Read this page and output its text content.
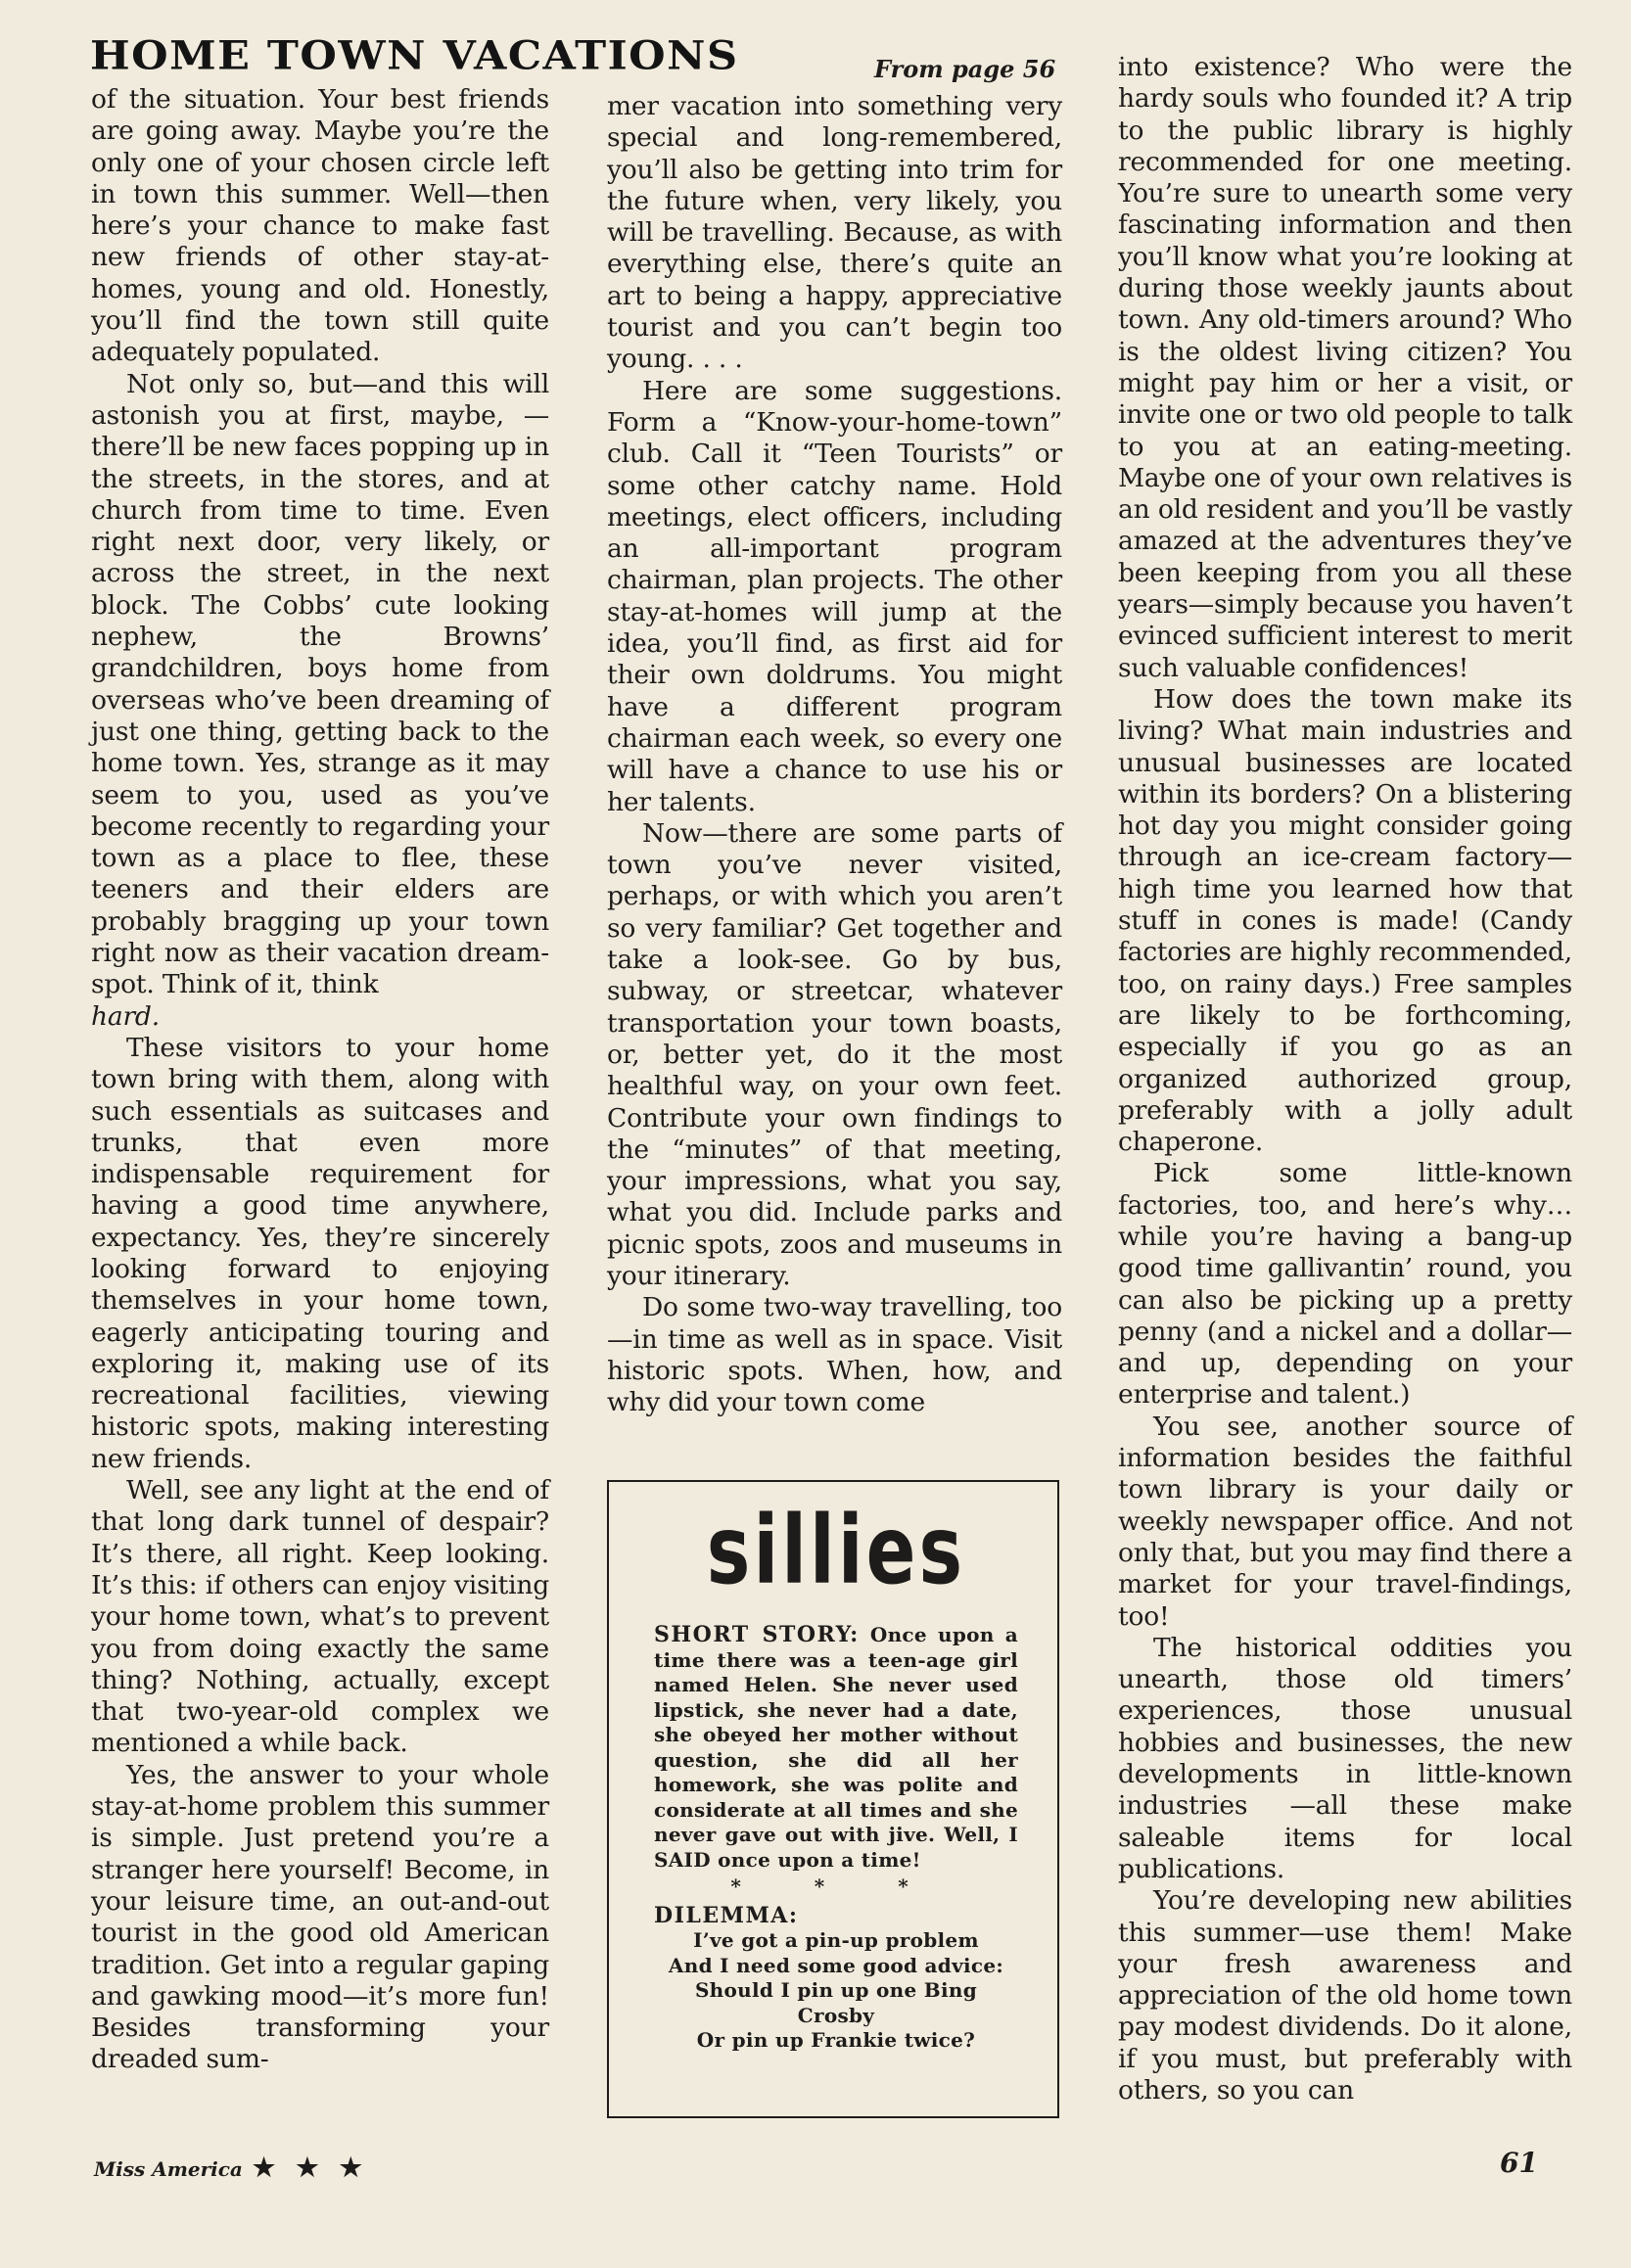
HOME TOWN VACATIONS	From page 56

of the situation. Your best friends are going away. Maybe you’re the only one of your chosen circle left in town this summer. Well—then here’s your chance to make fast new friends of other stay-at-homes, young and old. Honestly, you’ll find the town still quite adequately populated.

Not only so, but—and this will astonish you at first, maybe, —there’ll be new faces popping up in the streets, in the stores, and at church from time to time. Even right next door, very likely, or across the street, in the next block. The Cobbs’ cute looking nephew, the Browns’ grandchildren, boys home from overseas who’ve been dreaming of just one thing, getting back to the home town. Yes, strange as it may seem to you, used as you’ve become recently to regarding your town as a place to flee, these teeners and their elders are probably bragging up your town right now as their vacation dream-spot. Think of it, think

hard.

These visitors to your home town bring with them, along with such essentials as suitcases and trunks, that even more indispensable requirement for having a good time anywhere, expectancy. Yes, they’re sincerely looking forward to enjoying themselves in your home town, eagerly anticipating touring and exploring it, making use of its recreational facilities, viewing historic spots, making interesting new friends.

Well, see any light at the end of that long dark tunnel of despair? It’s there, all right. Keep looking. It’s this: if others can enjoy visiting your home town, what’s to prevent you from doing exactly the same thing? Nothing, actually, except that two-year-old complex we mentioned a while back.

Yes, the answer to your whole stay-at-home problem this summer is simple. Just pretend you’re a stranger here yourself! Become, in your leisure time, an out-and-out tourist in the good old American tradition. Get into a regular gaping and gawking mood—it’s more fun! Besides transforming your dreaded sum-

mer vacation into something very special and long-remembered, you’ll also be getting into trim for the future when, very likely, you will be travelling. Because, as with everything else, there’s quite an art to being a happy, appreciative tourist and you can’t begin too young. . . .

Here are some suggestions. Form a “Know-your-home-town” club. Call it “Teen Tourists” or some other catchy name. Hold meetings, elect officers, including an all-important program chairman, plan projects. The other stay-at-homes will jump at the idea, you’ll find, as first aid for their own doldrums. You might have a different program chairman each week, so every one will have a chance to use his or her talents.

Now—there are some parts of town you’ve never visited, perhaps, or with which you aren’t so very familiar? Get together and take a look-see. Go by bus, subway, or streetcar, whatever transportation your town boasts, or, better yet, do it the most healthful way, on your own feet. Contribute your own findings to the “minutes” of that meeting, your impressions, what you say, what you did. Include parks and picnic spots, zoos and museums in your itinerary.

Do some two-way travelling, too—in time as well as in space. Visit historic spots. When, how, and why did your town come

sillies
SHORT STORY: Once upon a time there was a teen-age girl named Helen. She never used lipstick, she never had a date, she obeyed her mother without question, she did all her homework, she was polite and considerate at all times and she never gave out with jive. Well, I SAID once upon a time!
* * *
DILEMMA:
I’ve got a pin-up problem
And I need some good advice:
Should I pin up one Bing Crosby
Or pin up Frankie twice?

into existence? Who were the hardy souls who founded it? A trip to the public library is highly recommended for one meeting. You’re sure to unearth some very fascinating information and then you’ll know what you’re looking at during those weekly jaunts about town. Any old-timers around? Who is the oldest living citizen? You might pay him or her a visit, or invite one or two old people to talk to you at an eating-meeting. Maybe one of your own relatives is an old resident and you’ll be vastly amazed at the adventures they’ve been keeping from you all these years—simply because you haven’t evinced sufficient interest to merit such valuable confidences!

How does the town make its living? What main industries and unusual businesses are located within its borders? On a blistering hot day you might consider going through an ice-cream factory—high time you learned how that stuff in cones is made! (Candy factories are highly recommended, too, on rainy days.) Free samples are likely to be forthcoming, especially if you go as an organized authorized group, preferably with a jolly adult chaperone.

Pick some little-known factories, too, and here’s why… while you’re having a bang-up good time gallivantin’ round, you can also be picking up a pretty penny (and a nickel and a dollar—and up, depending on your enterprise and talent.)

You see, another source of information besides the faithful town library is your daily or weekly newspaper office. And not only that, but you may find there a market for your travel-findings, too!

The historical oddities you unearth, those old timers’ experiences, those unusual hobbies and businesses, the new developments in little-known industries —all these make saleable items for local publications.

You’re developing new abilities this summer—use them! Make your fresh awareness and appreciation of the old home town pay modest dividends. Do it alone, if you must, but preferably with others, so you can

Miss America ★ ★ ★	61
